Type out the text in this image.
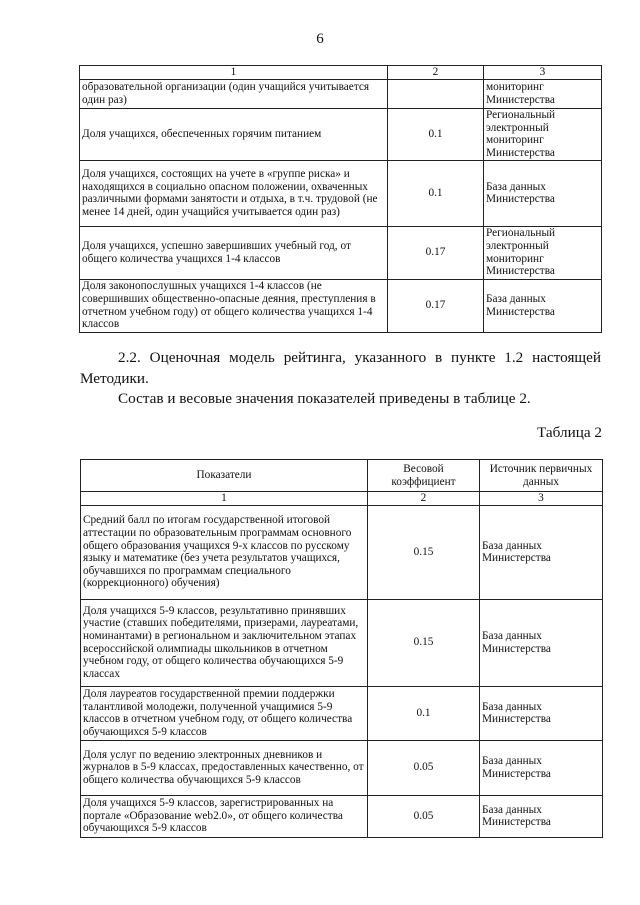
6
1	2	3
образовательной организации (один учащийся учитывается один раз)		мониторинг Министерства
Доля учащихся, обеспеченных горячим питанием	0.1	Региональный электронный мониторинг Министерства
Доля учащихся, состоящих на учете в «группе риска» и находящихся в социально опасном положении, охваченных различными формами занятости и отдыха, в т.ч. трудовой (не менее 14 дней, один учащийся учитывается один раз)	0.1	База данных Министерства
Доля учащихся, успешно завершивших учебный год, от общего количества учащихся 1-4 классов	0.17	Региональный электронный мониторинг Министерства
Доля законопослушных учащихся 1-4 классов (не совершивших общественно-опасные деяния, преступления в отчетном учебном году) от общего количества учащихся 1-4 классов	0.17	База данных Министерства
2.2. Оценочная модель рейтинга, указанного в пункте 1.2 настоящей
Методики.
Состав и весовые значения показателей приведены в таблице 2.
Таблица 2
Показатели	Весовой коэффициент	Источник первичных данных
1	2	3
Средний балл по итогам государственной итоговой аттестации по образовательным программам основного общего образования учащихся 9-х классов по русскому языку и математике (без учета результатов учащихся, обучавшихся по программам специального (коррекционного) обучения)	0.15	База данных Министерства
Доля учащихся 5-9 классов, результативно принявших участие (ставших победителями, призерами, лауреатами, номинантами) в региональном и заключительном этапах всероссийской олимпиады школьников в отчетном учебном году, от общего количества обучающихся 5-9 классах	0.15	База данных Министерства
Доля лауреатов государственной премии поддержки талантливой молодежи, полученной учащимися 5-9 классов в отчетном учебном году, от общего количества обучающихся 5-9 классов	0.1	База данных Министерства
Доля услуг по ведению электронных дневников и журналов в 5-9 классах, предоставленных качественно, от общего количества обучающихся 5-9 классов	0.05	База данных Министерства
Доля учащихся 5-9 классов, зарегистрированных на портале «Образование web2.0», от общего количества обучающихся 5-9 классов	0.05	База данных Министерства
